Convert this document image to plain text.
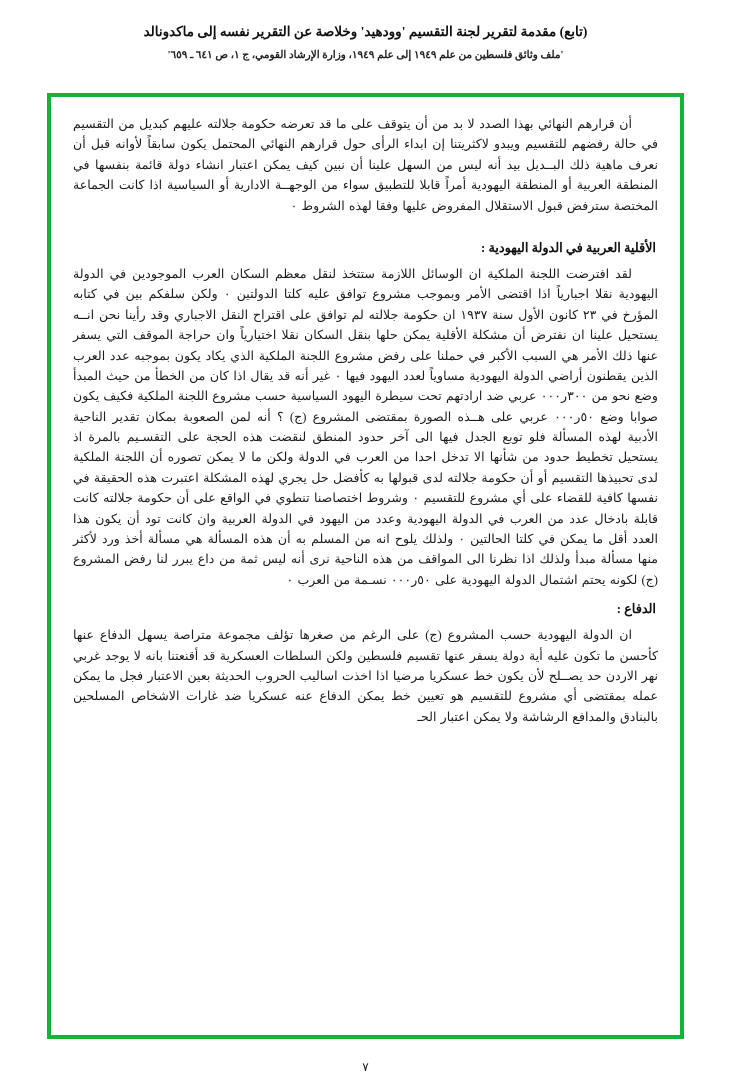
(تابع) مقدمة لتقرير لجنة التقسيم 'وودهيد' وخلاصة عن التقرير نفسه إلى ماكدونالد
'ملف وثائق فلسطين من علم ١٩٤٩ إلى علم ١٩٤٩، وزارة الإرشاد القومي، ج ١، ص ٦٤١ ـ ٦٥٩'

أن قرارهم النهائي بهذا الصدد لا بد من أن يتوقف على ما قد تعرضه حكومة جلالته عليهم كبديل من التقسيم في حالة رفضهم للتقسيم ويبدو لاكثريتنا إن ابداء الرأى حول قرارهم النهائي المحتمل يكون سابقاً لأوانه قبل أن نعرف ماهية ذلك البــديل بيد أنه ليس من السهل علينا أن نبين كيف يمكن اعتبار انشاء دولة قائمة بنفسها في المنطقة العربية أو المنطقة اليهودية أمراً قابلا للتطبيق سواء من الوجهــة الادارية أو السياسية اذا كانت الجماعة المختصة سترفض قبول الاستقلال المفروض عليها وفقا لهذه الشروط ٠

الأقلية العربية في الدولة اليهودية :

لقد افترضت اللجنة الملكية ان الوسائل اللازمة ستتخذ لنقل معظم السكان العرب الموجودين في الدولة اليهودية نقلا اجبارياً اذا اقتضى الأمر وبموجب مشروع توافق عليه كلتا الدولتين ٠ ولكن سلفكم بين في كتابه المؤرخ في ٢٣ كانون الأول سنة ١٩٣٧ ان حكومة جلالته لم توافق على اقتراح النقل الاجباري وقد رأينا نحن انــه يستحيل علينا ان نفترض أن مشكلة الأقلية يمكن حلها بنقل السكان نقلا اختيارياً وان حراجة الموقف التي يسفر عنها ذلك الأمر هي السبب الأكبر في حملنا على رفض مشروع اللجنة الملكية الذي يكاد يكون بموجبه عدد العرب الذين يقطنون أراضي الدولة اليهودية مساوياً لعدد اليهود فيها ٠ غير أنه قد يقال اذا كان من الخطأ من حيث المبدأ وضع نحو من ٣٠٠ر٠٠٠ عربي ضد ارادتهم تحت سيطرة اليهود السياسية حسب مشروع اللجنة الملكية فكيف يكون صوابا وضع ٥٠ر٠٠٠ عربي على هــذه الصورة بمقتضى المشروع (ج) ؟ أنه لمن الصعوبة بمكان تقدير الناحية الأدبية لهذه المسألة فلو توبع الجدل فيها الى آخر حدود المنطق لنقضت هذه الحجة على التقسـيم بالمرة اذ يستحيل تخطيط حدود من شأنها الا تدخل احدا من العرب في الدولة ولكن ما لا يمكن تصوره أن اللجنة الملكية لدى تحبيذها التقسيم أو أن حكومة جلالته لدى قبولها به كأفضل حل يجري لهذه المشكلة اعتبرت هذه الحقيقة في نفسها كافية للقضاء على أي مشروع للتقسيم ٠ وشروط اختصاصنا تنطوي في الواقع على أن حكومة جلالته كانت قابلة بادخال عدد من العرب في الدولة اليهودية وعدد من اليهود في الدولة العربية وان كانت تود أن يكون هذا العدد أقل ما يمكن في كلتا الحالتين ٠ ولذلك يلوح انه من المسلم به أن هذه المسألة هي مسألة أخذ ورد لأكثر منها مسألة مبدأ ولذلك اذا نظرنا الى المواقف من هذه الناحية نرى أنه ليس ثمة من داع يبرر لنا رفض المشروع (ج) لكونه يحتم اشتمال الدولة اليهودية على ٥٠ر٠٠٠ نسـمة من العرب ٠

الدفاع :

ان الدولة اليهودية حسب المشروع (ج) على الرغم من صغرها تؤلف مجموعة متراصة يسهل الدفاع عنها كأحسن ما تكون عليه أية دولة يسفر عنها تقسيم فلسطين ولكن السلطات العسكرية قد أقنعتنا بانه لا يوجد غربي نهر الاردن حد يصــلح لأن يكون خط عسكريا مرضيا اذا اخذت اساليب الحروب الحديثة بعين الاعتبار فجل ما يمكن عمله بمقتضى أي مشروع للتقسيم هو تعيين خط يمكن الدفاع عنه عسكريا ضد غارات الاشخاص المسلحين بالبنادق والمدافع الرشاشة ولا يمكن اعتبار الحـ

٧
